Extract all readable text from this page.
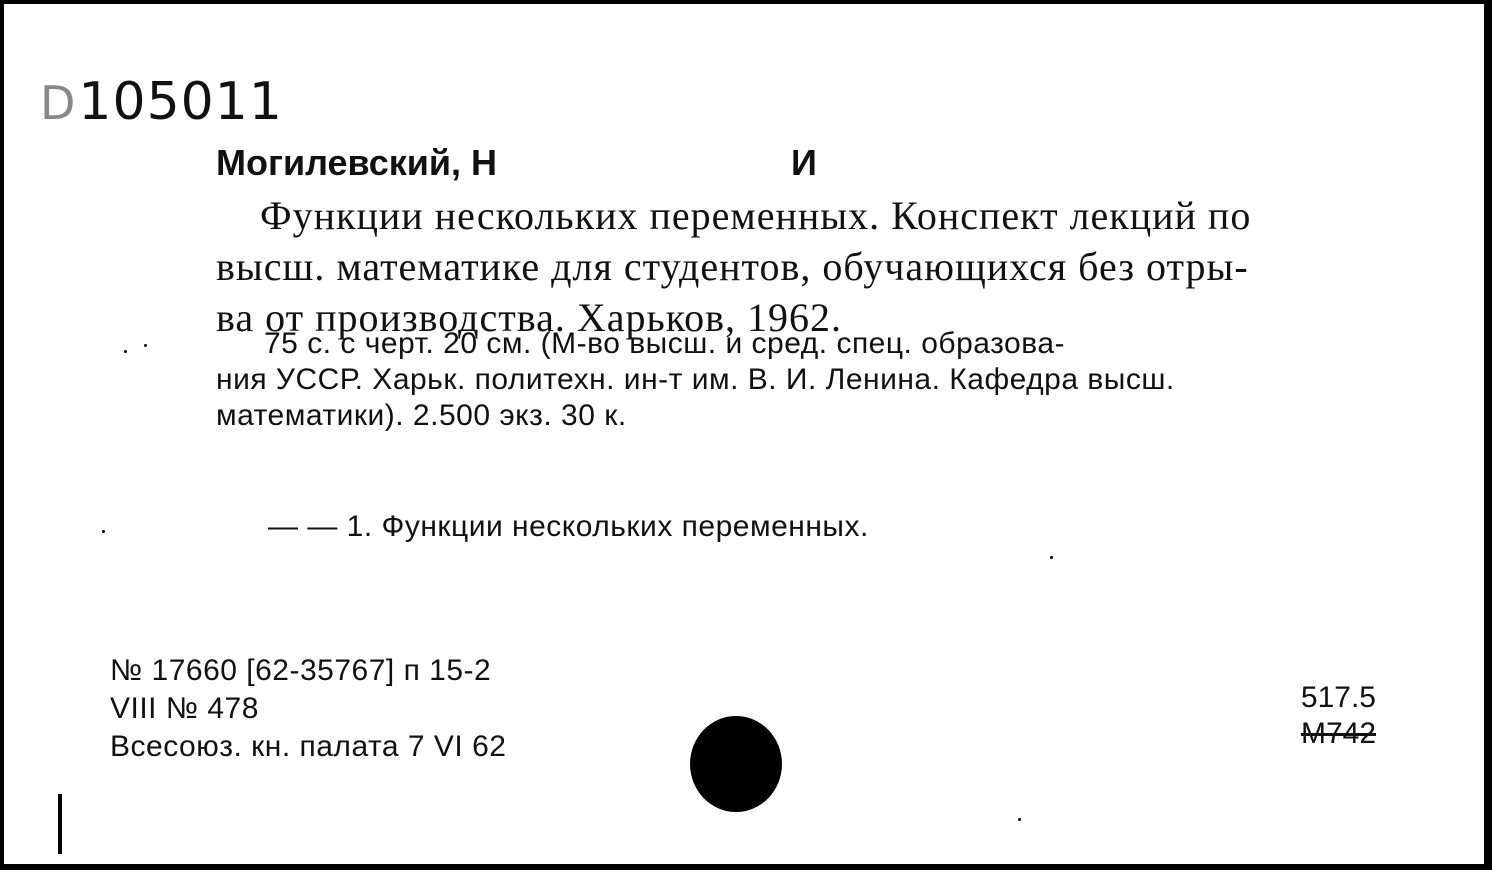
D105011
Могилевский, Н	И
Функции нескольких переменных. Конспект лекций по
высш. математике для студентов, обучающихся без отры-
ва от производства. Харьков, 1962.
75 с. с черт. 20 см. (М-во высш. и сред. спец. образова-
ния УССР. Харьк. политехн. ин-т им. В. И. Ленина. Кафедра высш.
математики). 2.500 экз. 30 к.
— — 1. Функции нескольких переменных.
№ 17660 [62-35767] п 15-2
VIII № 478
Всесоюз. кн. палата 7 VI 62
517.5
M742
